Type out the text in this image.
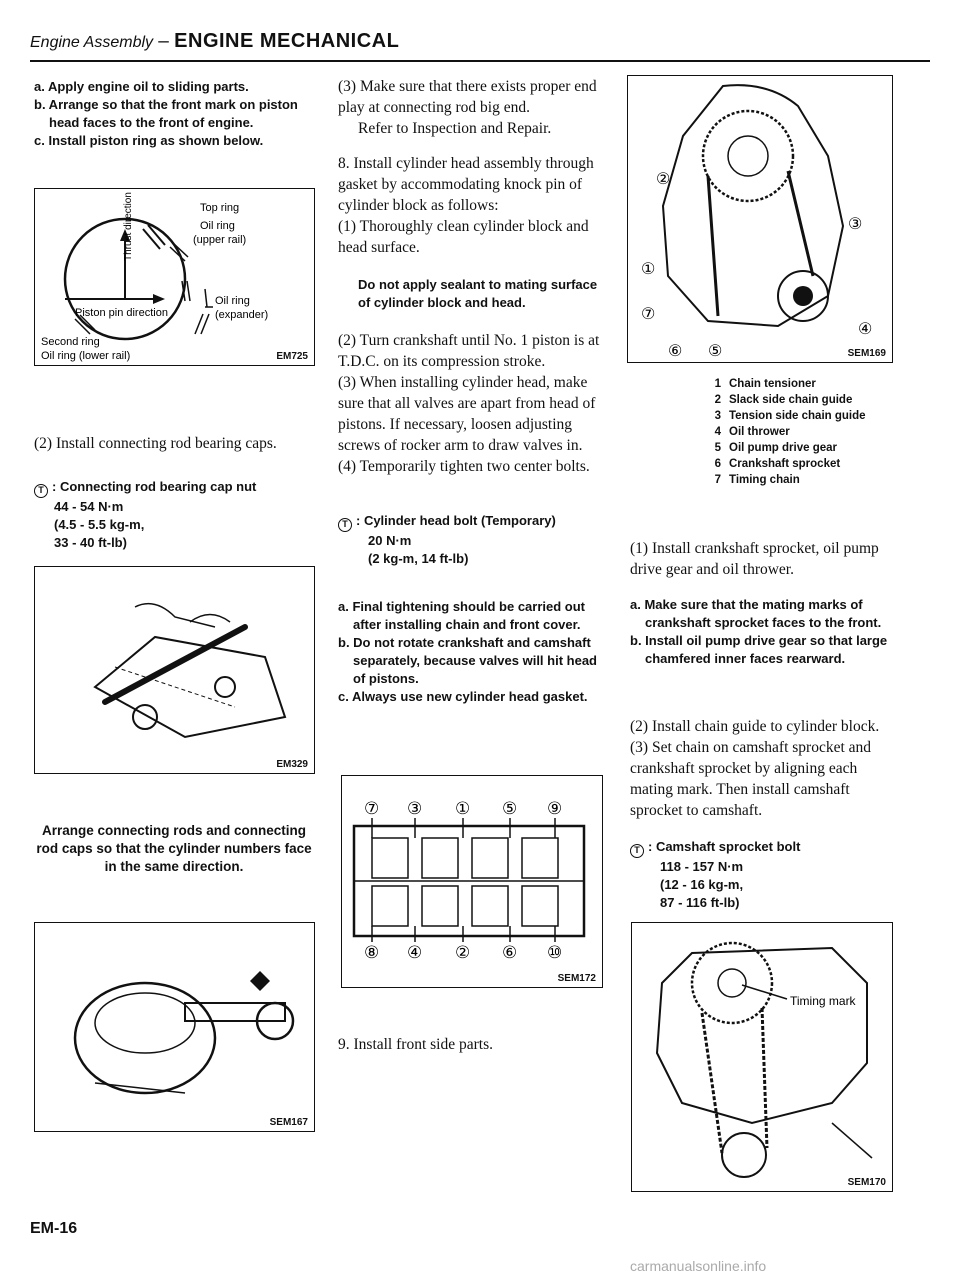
Engine Assembly – ENGINE MECHANICAL
a. Apply engine oil to sliding parts.
b. Arrange so that the front mark on piston head faces to the front of engine.
c. Install piston ring as shown below.
Thrust direction	Top ring
Oil ring
(upper rail)
Oil ring
(expander)
Piston pin direction
Second ring
Oil ring (lower rail)	EM725
(2) Install connecting rod bearing caps.
T : Connecting rod bearing cap nut
44 - 54 N·m
(4.5 - 5.5 kg-m,
33 - 40 ft-lb)
EM329
Arrange connecting rods and connecting rod caps so that the cylinder numbers face in the same direction.
SEM167
EM-16
(3) Make sure that there exists proper end play at connecting rod big end.
Refer to Inspection and Repair.
8. Install cylinder head assembly through gasket by accommodating knock pin of cylinder block as follows:
(1) Thoroughly clean cylinder block and head surface.
Do not apply sealant to mating surface of cylinder block and head.
(2) Turn crankshaft until No. 1 piston is at T.D.C. on its compression stroke.
(3) When installing cylinder head, make sure that all valves are apart from head of pistons. If necessary, loosen adjusting screws of rocker arm to draw valves in.
(4) Temporarily tighten two center bolts.
T : Cylinder head bolt (Temporary)
20 N·m
(2 kg-m, 14 ft-lb)
a. Final tightening should be carried out after installing chain and front cover.
b. Do not rotate crankshaft and camshaft separately, because valves will hit head of pistons.
c. Always use new cylinder head gasket.
⑦ ③ ① ⑤ ⑨
⑧ ④ ② ⑥ ⑩
SEM172
9. Install front side parts.
②
③
①
⑦
④
⑥ ⑤	SEM169
1 Chain tensioner
2 Slack side chain guide
3 Tension side chain guide
4 Oil thrower
5 Oil pump drive gear
6 Crankshaft sprocket
7 Timing chain
(1) Install crankshaft sprocket, oil pump drive gear and oil thrower.
a. Make sure that the mating marks of crankshaft sprocket faces to the front.
b. Install oil pump drive gear so that large chamfered inner faces rearward.
(2) Install chain guide to cylinder block.
(3) Set chain on camshaft sprocket and crankshaft sprocket by aligning each mating mark. Then install camshaft sprocket to camshaft.
T : Camshaft sprocket bolt
118 - 157 N·m
(12 - 16 kg-m,
87 - 116 ft-lb)
Timing mark
SEM170
carmanualsonline.info
